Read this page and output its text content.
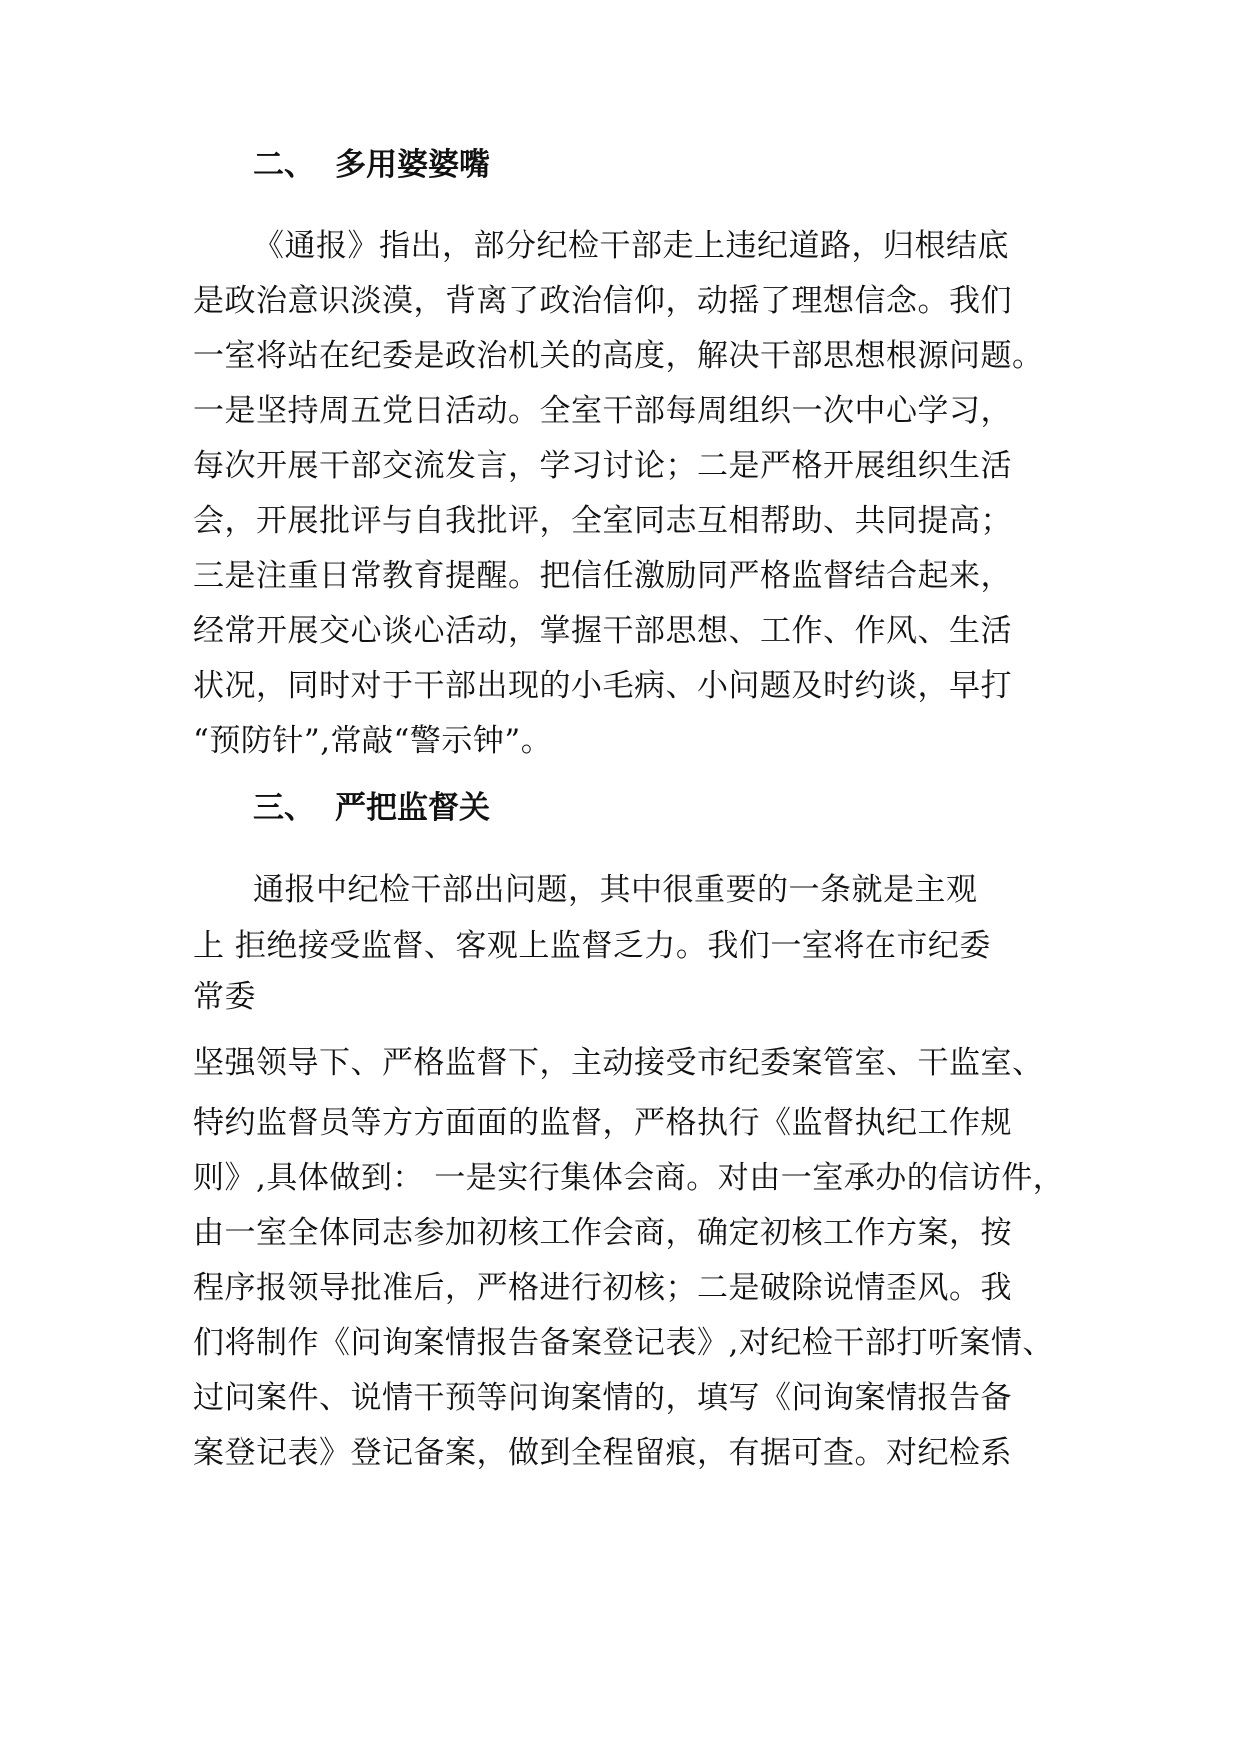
二、 多用婆婆嘴
《通报》指出，部分纪检干部走上违纪道路，归根结底
是政治意识淡漠，背离了政治信仰，动摇了理想信念。我们
一室将站在纪委是政治机关的高度，解决干部思想根源问题。
一是坚持周五党日活动。全室干部每周组织一次中心学习，
每次开展干部交流发言，学习讨论；二是严格开展组织生活
会，开展批评与自我批评，全室同志互相帮助、共同提高；
三是注重日常教育提醒。把信任激励同严格监督结合起来，
经常开展交心谈心活动，掌握干部思想、工作、作风、生活
状况，同时对于干部出现的小毛病、小问题及时约谈，早打
“预防针”,常敲“警示钟”。
三、 严把监督关
通报中纪检干部出问题，其中很重要的一条就是主观
上 拒绝接受监督、客观上监督乏力。我们一室将在市纪委
常委
坚强领导下、严格监督下，主动接受市纪委案管室、干监室、
特约监督员等方方面面的监督，严格执行《监督执纪工作规
则》,具体做到： 一是实行集体会商。对由一室承办的信访件，
由一室全体同志参加初核工作会商，确定初核工作方案，按
程序报领导批准后，严格进行初核；二是破除说情歪风。我
们将制作《问询案情报告备案登记表》,对纪检干部打听案情、
过问案件、说情干预等问询案情的，填写《问询案情报告备
案登记表》登记备案，做到全程留痕，有据可查。对纪检系
